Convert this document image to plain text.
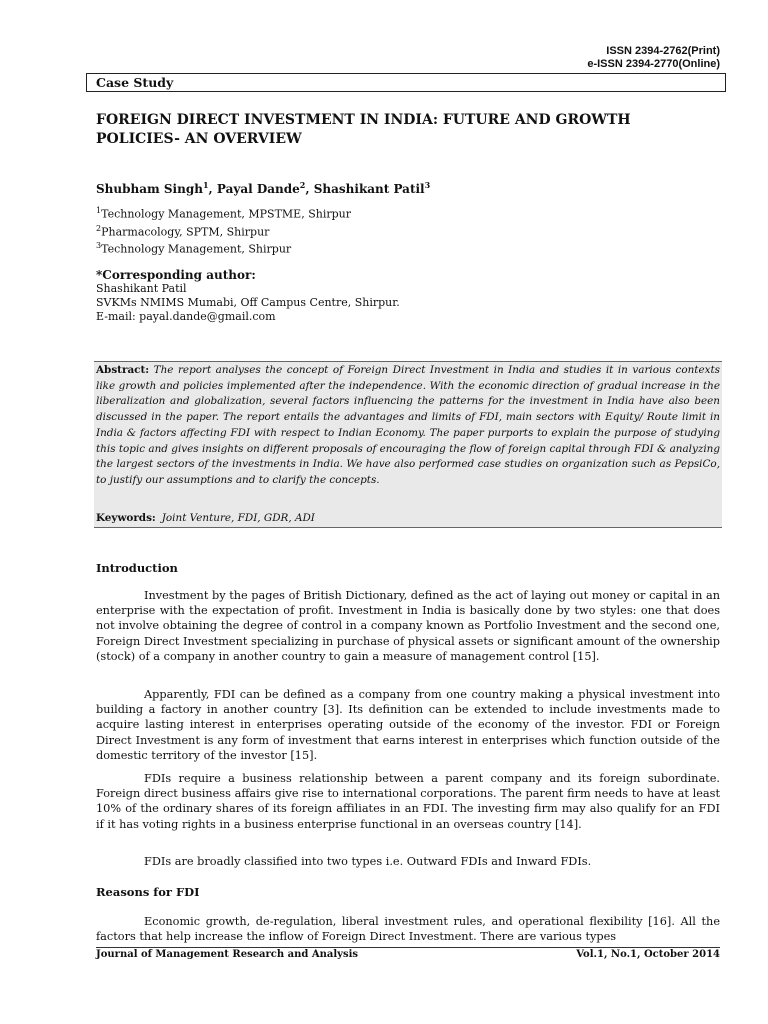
ISSN 2394-2762(Print)
e-ISSN 2394-2770(Online)
Case Study
FOREIGN DIRECT INVESTMENT IN INDIA: FUTURE AND GROWTH
POLICIES- AN OVERVIEW
Shubham Singh$^1$, Payal Dande$^2$, Shashikant Patil$^3$
$^1$Technology Management, MPSTME, Shirpur
$^2$Pharmacology, SPTM, Shirpur
$^3$Technology Management, Shirpur
*Corresponding author:
Shashikant Patil
SVKMs NMIMS Mumabi, Off Campus Centre, Shirpur.
E-mail: payal.dande@gmail.com
Abstract: The report analyses the concept of Foreign Direct Investment in India and studies it in various contexts like growth and policies implemented after the independence. With the economic direction of gradual increase in the liberalization and globalization, several factors influencing the patterns for the investment in India have also been discussed in the paper. The report entails the advantages and limits of FDI, main sectors with Equity/ Route limit in India & factors affecting FDI with respect to Indian Economy. The paper purports to explain the purpose of studying this topic and gives insights on different proposals of encouraging the flow of foreign capital through FDI & analyzing the largest sectors of the investments in India. We have also performed case studies on organization such as PepsiCo, to justify our assumptions and to clarify the concepts.
Keywords: Joint Venture, FDI, GDR, ADI
Introduction
Investment by the pages of British Dictionary, defined as the act of laying out money or capital in an enterprise with the expectation of profit. Investment in India is basically done by two styles: one that does not involve obtaining the degree of control in a company known as Portfolio Investment and the second one, Foreign Direct Investment specializing in purchase of physical assets or significant amount of the ownership (stock) of a company in another country to gain a measure of management control [15].
Apparently, FDI can be defined as a company from one country making a physical investment into building a factory in another country [3]. Its definition can be extended to include investments made to acquire lasting interest in enterprises operating outside of the economy of the investor. FDI or Foreign Direct Investment is any form of investment that earns interest in enterprises which function outside of the domestic territory of the investor [15].
FDIs require a business relationship between a parent company and its foreign subordinate. Foreign direct business affairs give rise to international corporations. The parent firm needs to have at least 10% of the ordinary shares of its foreign affiliates in an FDI. The investing firm may also qualify for an FDI if it has voting rights in a business enterprise functional in an overseas country [14].
FDIs are broadly classified into two types i.e. Outward FDIs and Inward FDIs.
Reasons for FDI
Economic growth, de-regulation, liberal investment rules, and operational flexibility [16]. All the factors that help increase the inflow of Foreign Direct Investment. There are various types
Journal of Management Research and Analysis	Vol.1, No.1, October 2014
